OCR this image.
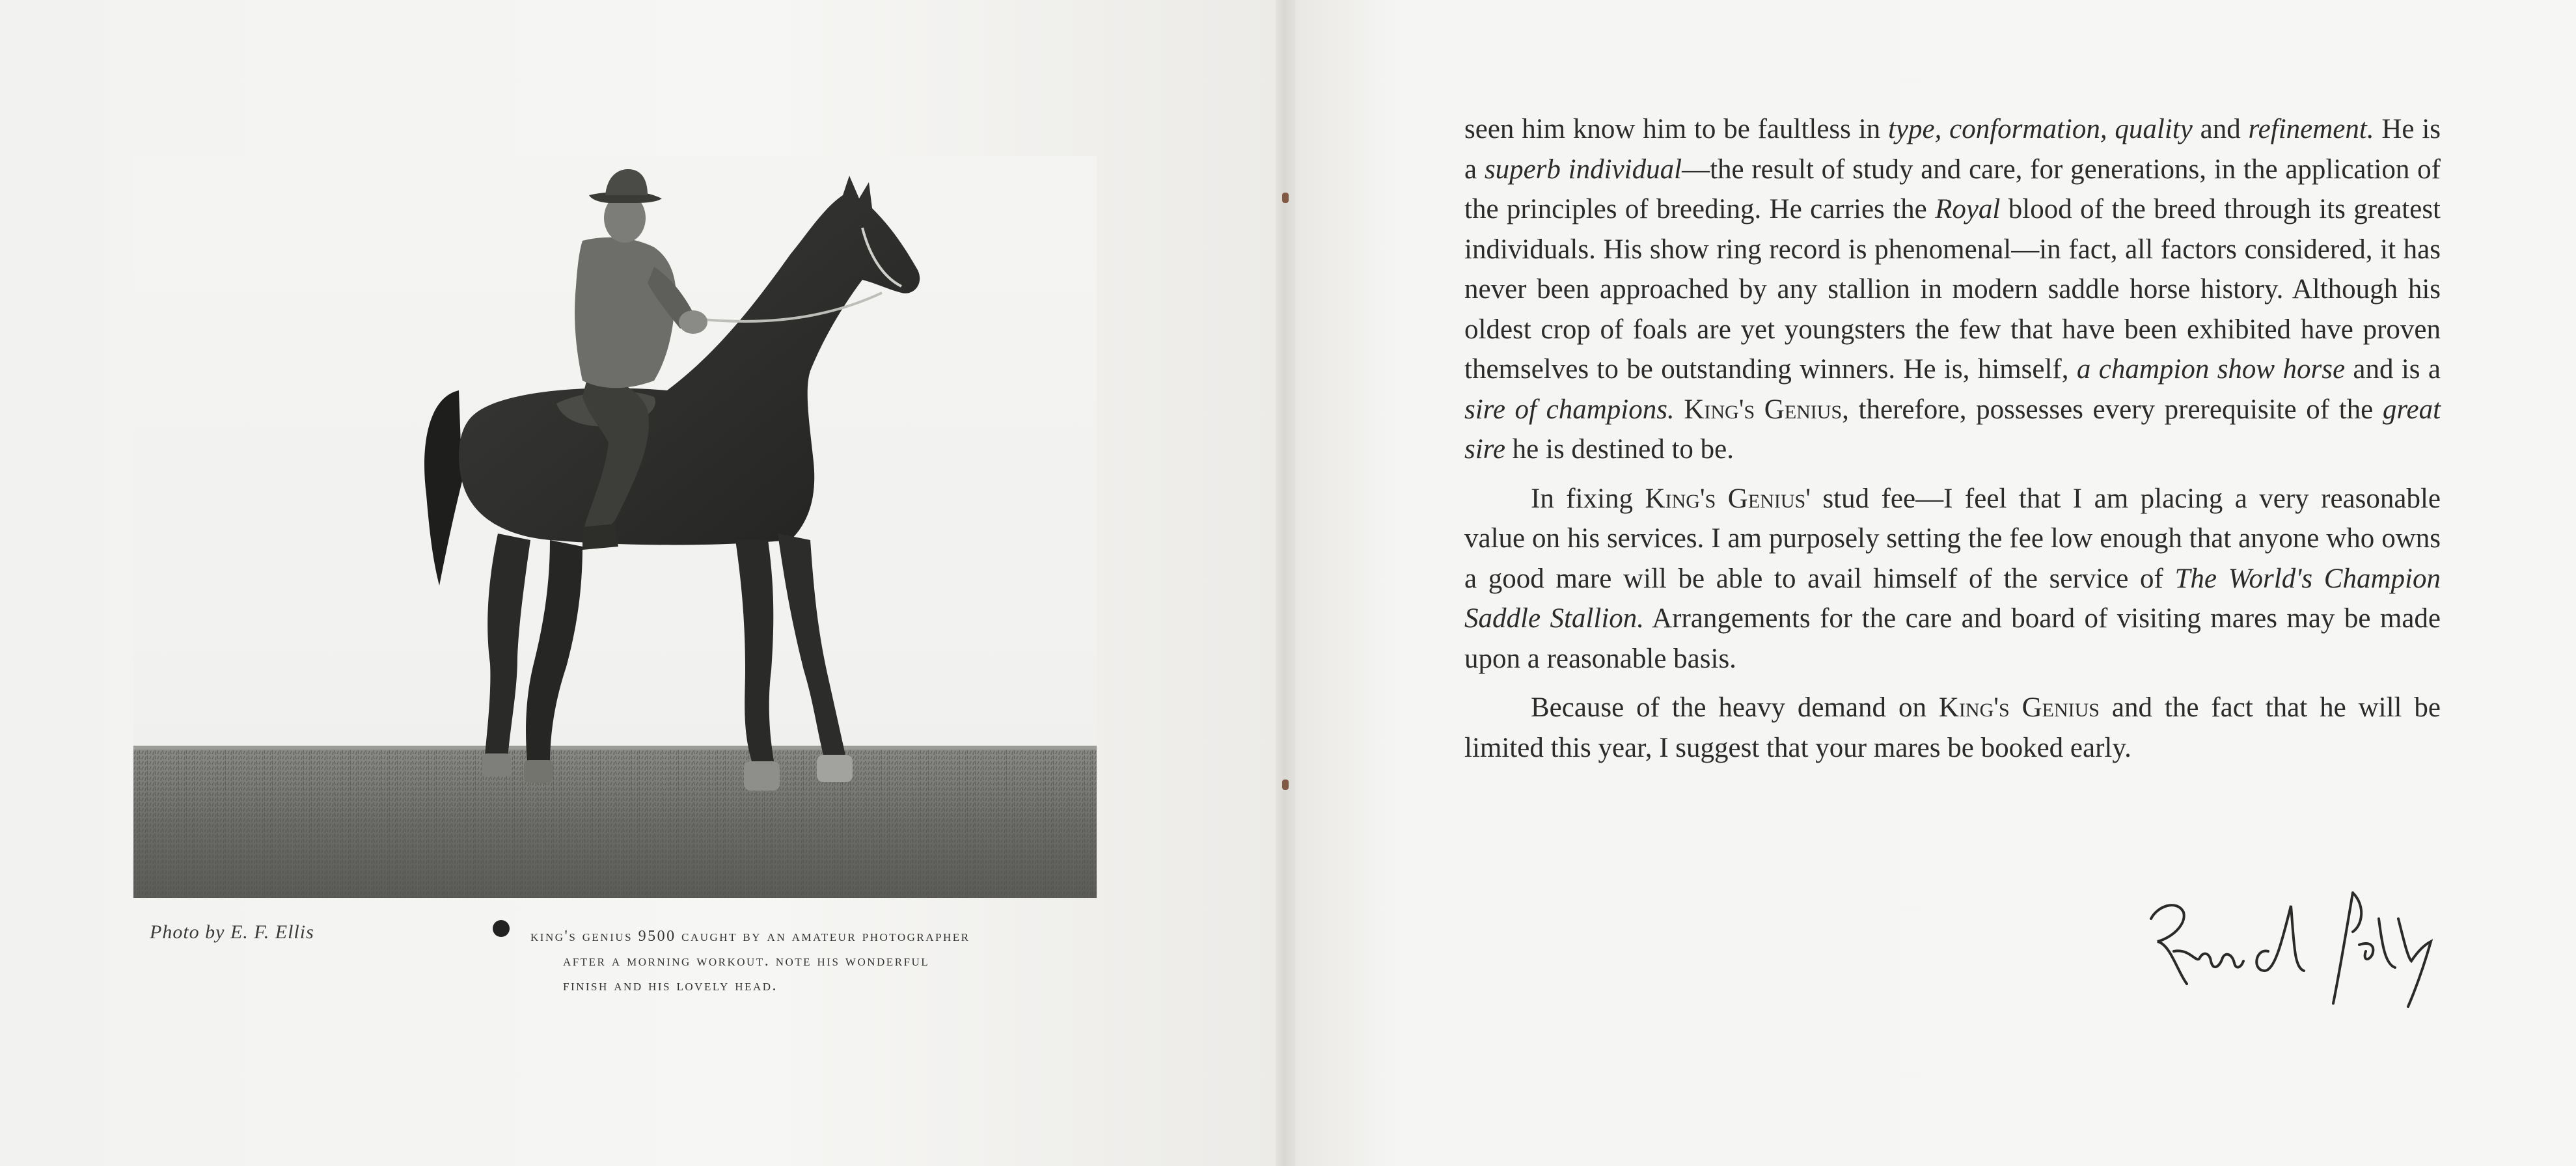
Photo by E. F. Ellis	king's genius 9500 caught by an amateur photographer
after a morning workout. note his wonderful
finish and his lovely head.

seen him know him to be faultless in type, conformation, quality and refinement. He is a superb individual—the result of study and care, for generations, in the application of the principles of breeding. He carries the Royal blood of the breed through its greatest individuals. His show ring record is phenomenal—in fact, all factors considered, it has never been approached by any stallion in modern saddle horse history. Although his oldest crop of foals are yet youngsters the few that have been exhibited have proven themselves to be outstanding winners. He is, himself, a champion show horse and is a sire of champions. King's Genius, therefore, possesses every prerequisite of the great sire he is destined to be.

In fixing King's Genius' stud fee—I feel that I am placing a very reasonable value on his services. I am purposely setting the fee low enough that anyone who owns a good mare will be able to avail himself of the service of The World's Champion Saddle Stallion. Arrangements for the care and board of visiting mares may be made upon a reasonable basis.

Because of the heavy demand on King's Genius and the fact that he will be limited this year, I suggest that your mares be booked early.
